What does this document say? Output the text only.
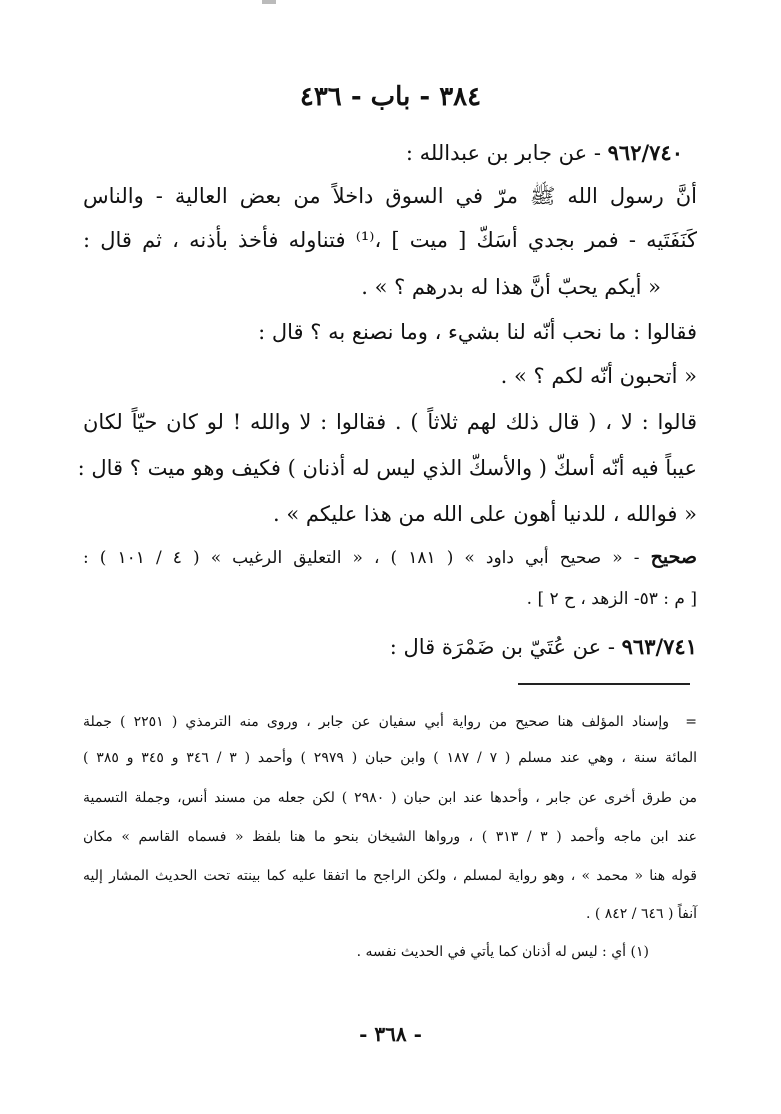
٣٨٤ - باب - ٤٣٦
٩٦٢/٧٤٠ - عن جابر بن عبدالله :
أنَّ رسول الله ﷺ مرّ في السوق داخلاً من بعض العالية - والناس
كَنَفَتَيه - فمر بجدي أسَكّ [ ميت ] ،⁽¹⁾ فتناوله فأخذ بأذنه ، ثم قال :
« أيكم يحبّ أنَّ هذا له بدرهم ؟ » .
فقالوا : ما نحب أنّه لنا بشيء ، وما نصنع به ؟ قال :
« أتحبون أنّه لكم ؟ » .
قالوا : لا ، ( قال ذلك لهم ثلاثاً ) . فقالوا : لا والله ! لو كان حيّاً لكان
عيباً فيه أنّه أسكّ ( والأسكّ الذي ليس له أذنان ) فكيف وهو ميت ؟ قال :
« فوالله ، للدنيا أهون على الله من هذا عليكم » .
صحيح - « صحيح أبي داود » ( ١٨١ ) ، « التعليق الرغيب » ( ٤ / ١٠١ ) :
[ م : ٥٣- الزهد ، ح ٢ ] .
٩٦٣/٧٤١ - عن عُتَيّ بن ضَمْرَة قال :
=
وإسناد المؤلف هنا صحيح من رواية أبي سفيان عن جابر ، وروى منه الترمذي ( ٢٢٥١ ) جملة
المائة سنة ، وهي عند مسلم ( ٧ / ١٨٧ ) وابن حبان ( ٢٩٧٩ ) وأحمد ( ٣ / ٣٤٦ و ٣٤٥ و ٣٨٥ )
من طرق أخرى عن جابر ، وأحدها عند ابن حبان ( ٢٩٨٠ ) لكن جعله من مسند أنس، وجملة التسمية
عند ابن ماجه وأحمد ( ٣ / ٣١٣ ) ، ورواها الشيخان بنحو ما هنا بلفظ « فسماه القاسم » مكان
قوله هنا « محمد » ، وهو رواية لمسلم ، ولكن الراجح ما اتفقا عليه كما بينته تحت الحديث المشار إليه
آنفاً ( ٦٤٦ / ٨٤٢ ) .
(١) أي : ليس له أذنان كما يأتي في الحديث نفسه .
- ٣٦٨ -
